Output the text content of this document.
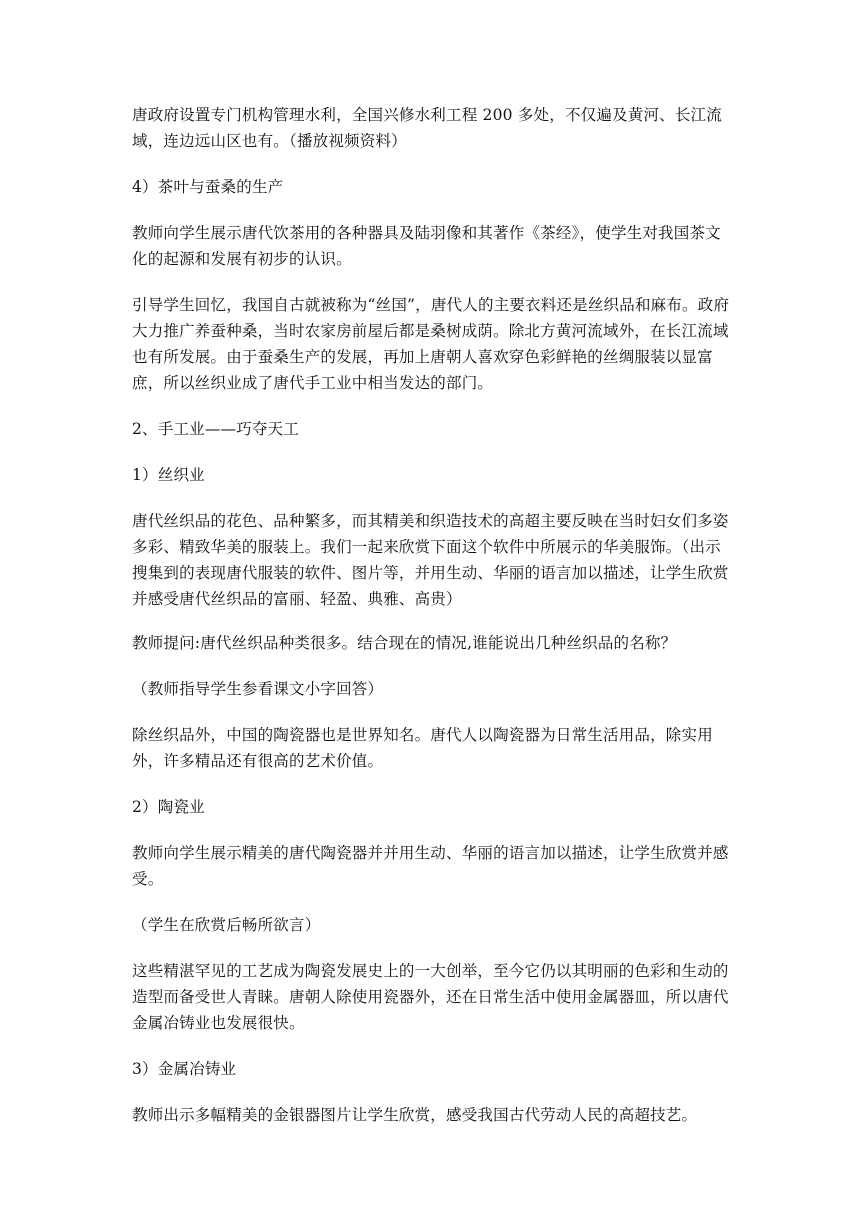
唐政府设置专门机构管理水利，全国兴修水利工程 200 多处，不仅遍及黄河、长江流域，连边远山区也有。（播放视频资料）

4）茶叶与蚕桑的生产

教师向学生展示唐代饮茶用的各种器具及陆羽像和其著作《茶经》，使学生对我国茶文化的起源和发展有初步的认识。

引导学生回忆，我国自古就被称为“丝国”，唐代人的主要衣料还是丝织品和麻布。政府大力推广养蚕种桑，当时农家房前屋后都是桑树成荫。除北方黄河流域外，在长江流域也有所发展。由于蚕桑生产的发展，再加上唐朝人喜欢穿色彩鲜艳的丝绸服装以显富庶，所以丝织业成了唐代手工业中相当发达的部门。

2、手工业——巧夺天工

1）丝织业

唐代丝织品的花色、品种繁多，而其精美和织造技术的高超主要反映在当时妇女们多姿多彩、精致华美的服装上。我们一起来欣赏下面这个软件中所展示的华美服饰。（出示搜集到的表现唐代服装的软件、图片等，并用生动、华丽的语言加以描述，让学生欣赏并感受唐代丝织品的富丽、轻盈、典雅、高贵）

教师提问:唐代丝织品种类很多。结合现在的情况,谁能说出几种丝织品的名称？

（教师指导学生参看课文小字回答）

除丝织品外，中国的陶瓷器也是世界知名。唐代人以陶瓷器为日常生活用品，除实用外，许多精品还有很高的艺术价值。

2）陶瓷业

教师向学生展示精美的唐代陶瓷器并并用生动、华丽的语言加以描述，让学生欣赏并感受。

（学生在欣赏后畅所欲言）

这些精湛罕见的工艺成为陶瓷发展史上的一大创举，至今它仍以其明丽的色彩和生动的造型而备受世人青睐。唐朝人除使用瓷器外，还在日常生活中使用金属器皿，所以唐代金属冶铸业也发展很快。

3）金属冶铸业

教师出示多幅精美的金银器图片让学生欣赏，感受我国古代劳动人民的高超技艺。
